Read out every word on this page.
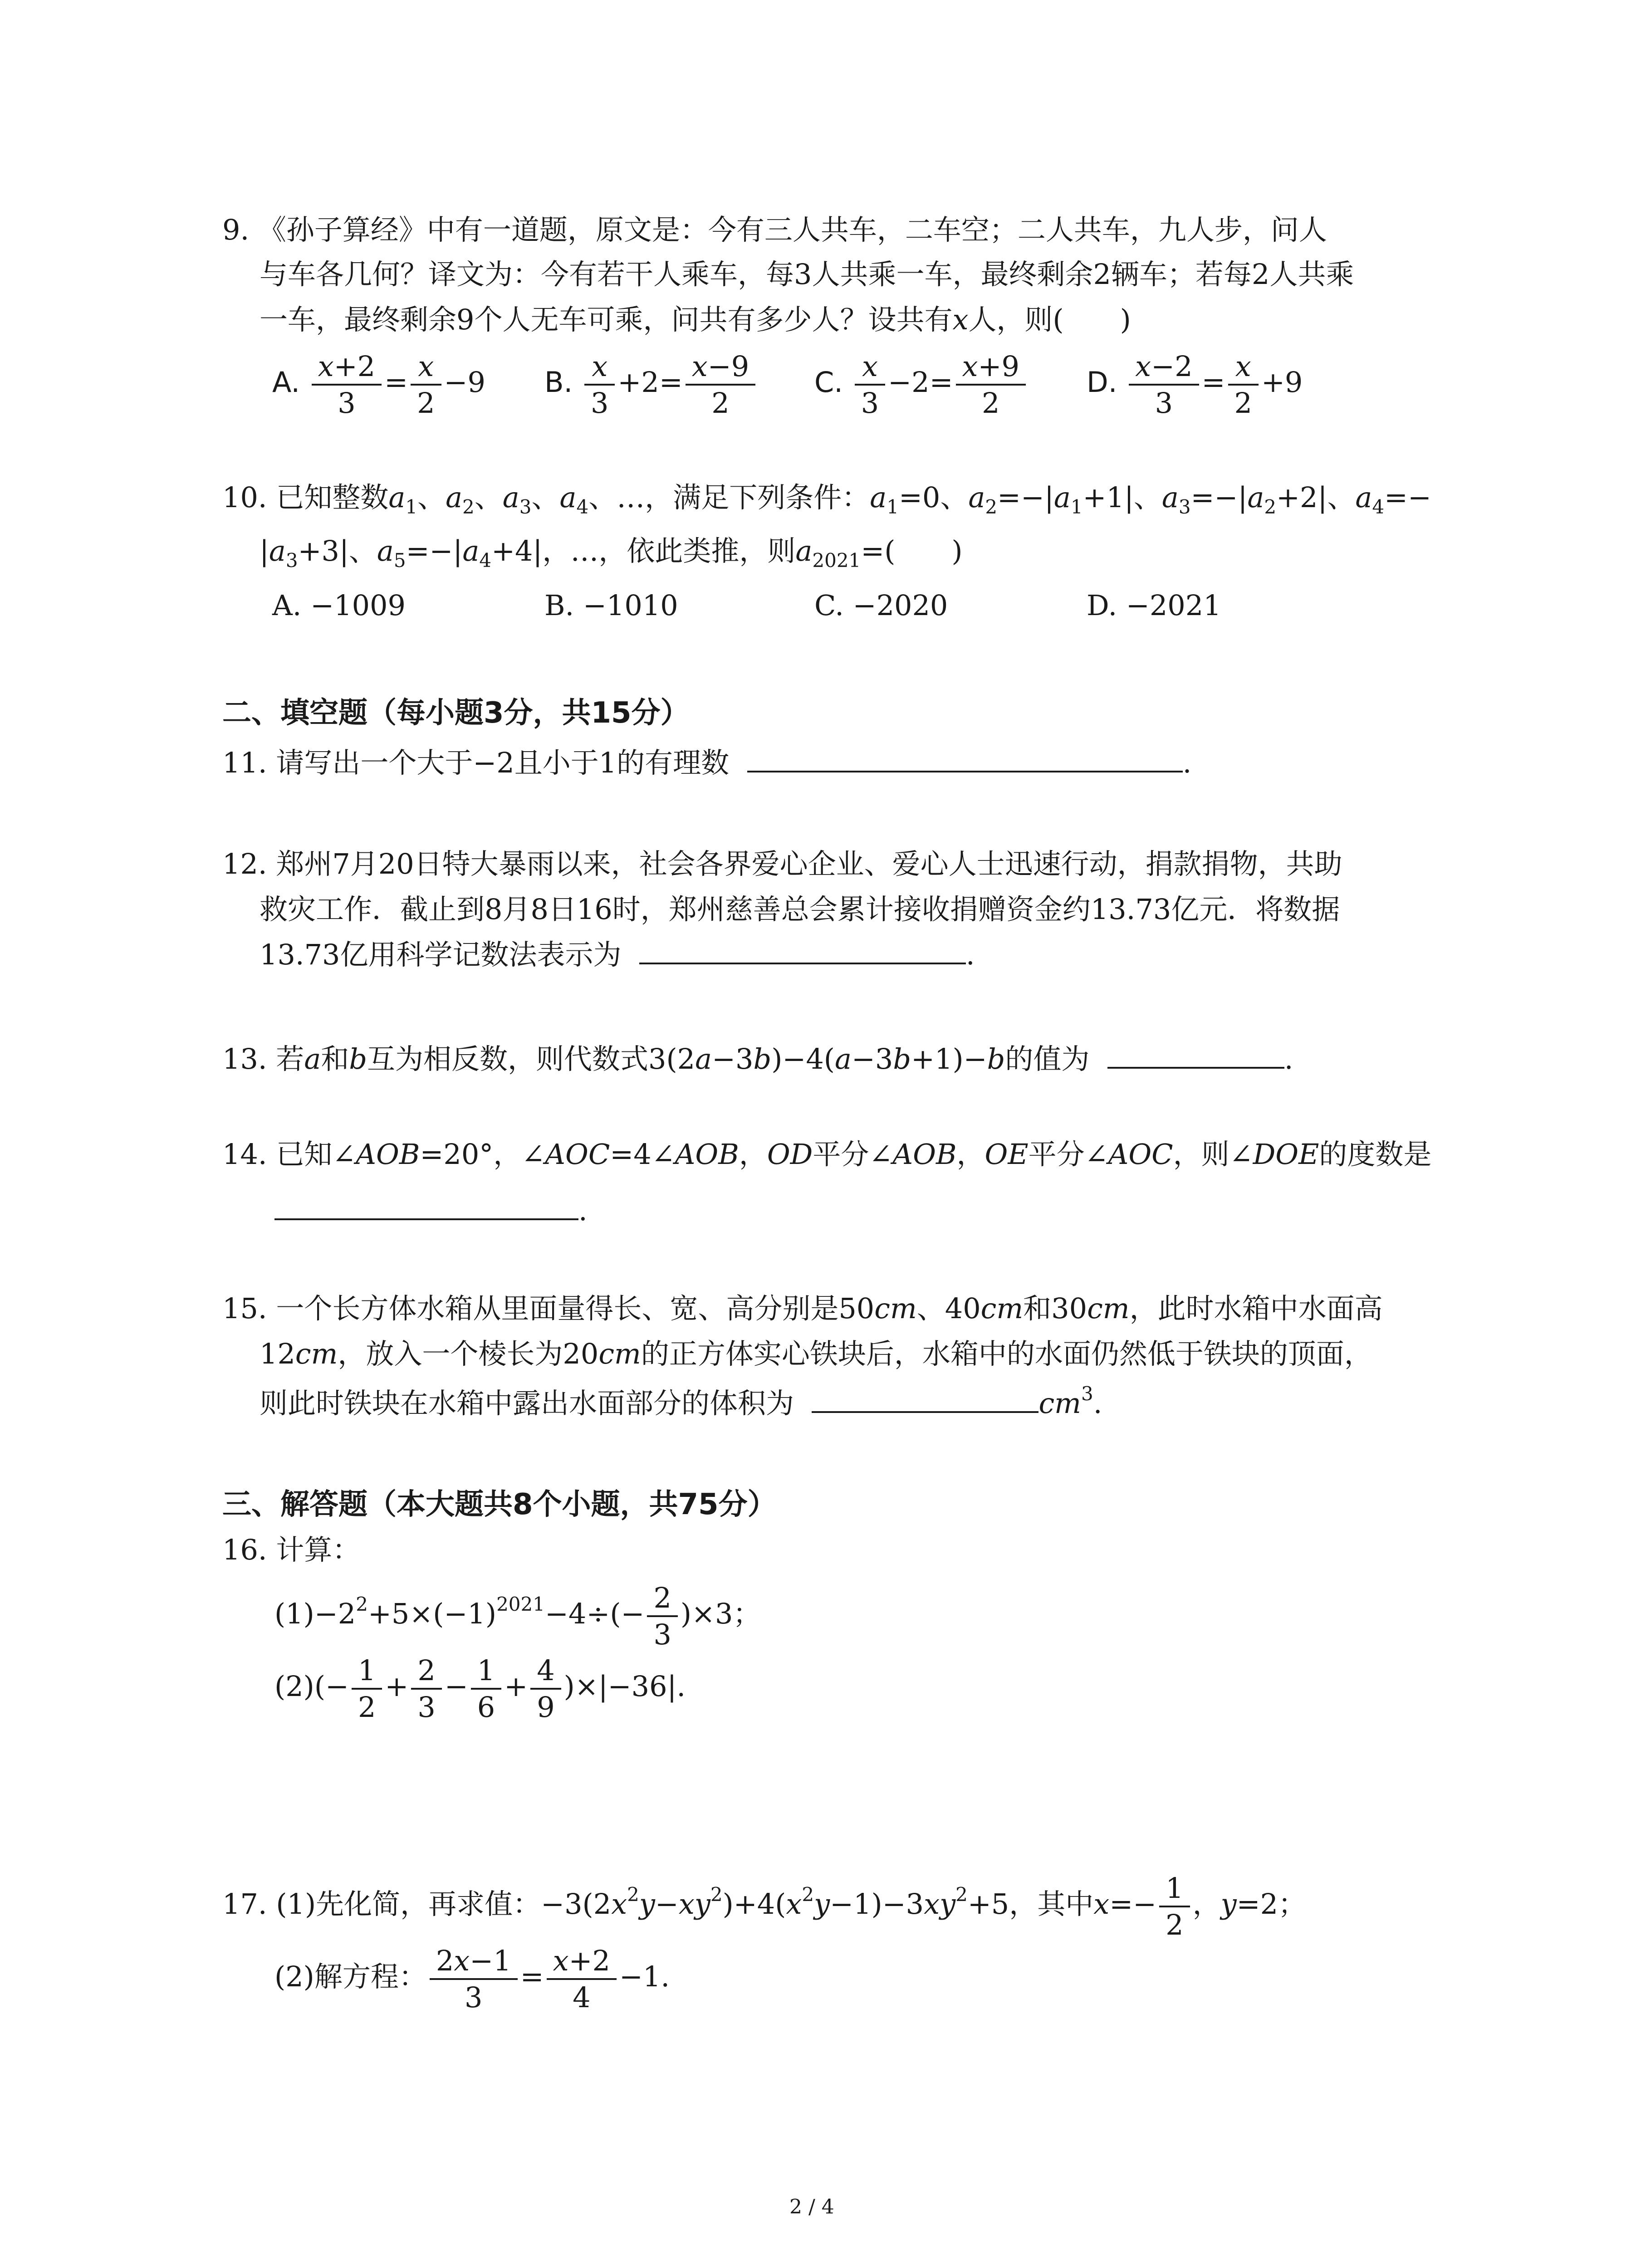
9. 《孙子算经》中有一道题，原文是：今有三人共车，二车空；二人共车，九人步，问人
与车各几何？译文为：今有若干人乘车，每3人共乘一车，最终剩余2辆车；若每2人共乘
一车，最终剩余9个人无车可乘，问共有多少人？设共有x人，则(　　)
A. $\frac{x+2}{3} = \frac{x}{2} -9$ B. $\frac{x}{3} +2= \frac{x-9}{2} C$. $\frac{x}{3} -2= \frac{x+9}{2} D$. $\frac{x-2}{3} = \frac{x}{2} +9$
10. 已知整数$a_1$、$a_2$、$a_3$、$a_4$、…，满足下列条件：$a_1=0$、$a_2=-|a_1+1|$、$a_3=-|a_2+2|$、$a_4=-$
$|a_3+3|$、$a_5=-|a_4+4|$，…，依此类推，则$a_{2021}=$(　　)
A. −1009	B. −1010	C. −2020	D. −2021
二、填空题（每小题3分，共15分）
11. 请写出一个大于−2且小于1的有理数	.
12. 郑州7月20日特大暴雨以来，社会各界爱心企业、爱心人士迅速行动，捐款捐物，共助
救灾工作．截止到8月8日16时，郑州慈善总会累计接收捐赠资金约13.73亿元．将数据
13.73亿用科学记数法表示为	.
13. 若a和b互为相反数，则代数式3(2a−3b)−4(a−3b+1)−b的值为	.
14. 已知∠AOB=20°，∠AOC=4∠AOB，OD平分∠AOB，OE平分∠AOC，则∠DOE的度数是
.
15. 一个长方体水箱从里面量得长、宽、高分别是50cm、40cm和30cm，此时水箱中水面高
12cm，放入一个棱长为20cm的正方体实心铁块后，水箱中的水面仍然低于铁块的顶面，
则此时铁块在水箱中露出水面部分的体积为	$cm^3$.
三、解答题（本大题共8个小题，共75分）
16. 计算：
$(1)-2^2+5\times(-1)^{2021}-4\div(- \frac{2}{3} )\times 3$；
$(2)(- \frac{1}{2} + \frac{2}{3} - \frac{1}{6} + \frac{4}{9} )\times|-36|$.
17. (1)先化简，再求值：$-3(2x^2y-xy^2)+4(x^2y-1)-3xy^2+5$，其中$x=- \frac{1}{2}$ ，y=2；
(2)解方程： $\frac{2x-1}{3} = \frac{x+2}{4} -1$.
2 / 4
